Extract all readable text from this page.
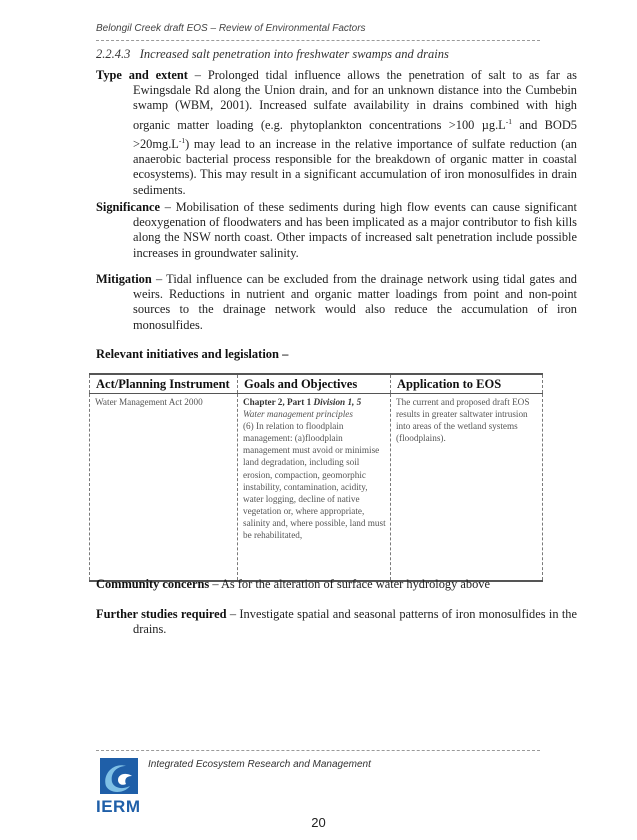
Belongil Creek draft EOS – Review of Environmental Factors
2.2.4.3 Increased salt penetration into freshwater swamps and drains
Type and extent – Prolonged tidal influence allows the penetration of salt to as far as Ewingsdale Rd along the Union drain, and for an unknown distance into the Cumbebin swamp (WBM, 2001). Increased sulfate availability in drains combined with high organic matter loading (e.g. phytoplankton concentrations >100 $\mu g.L^{-1}$ and $BOD5 >20mg.L^{-1}$) may lead to an increase in the relative importance of sulfate reduction (an anaerobic bacterial process responsible for the breakdown of organic matter in coastal ecosystems). This may result in a significant accumulation of iron monosulfides in drain sediments.
Significance – Mobilisation of these sediments during high flow events can cause significant deoxygenation of floodwaters and has been implicated as a major contributor to fish kills along the NSW north coast. Other impacts of increased salt penetration include possible increases in groundwater salinity.
Mitigation – Tidal influence can be excluded from the drainage network using tidal gates and weirs. Reductions in nutrient and organic matter loadings from point and non-point sources to the drainage network would also reduce the accumulation of iron monosulfides.
Relevant initiatives and legislation –
Act/Planning Instrument	Goals and Objectives	Application to EOS
Water Management Act 2000	Chapter 2, Part 1 Division 1, 5
Water management principles
(6) In relation to floodplain management: (a)floodplain management must avoid or minimise land degradation, including soil erosion, compaction, geomorphic instability, contamination, acidity, water logging, decline of native vegetation or, where appropriate, salinity and, where possible, land must be rehabilitated,	The current and proposed draft EOS results in greater saltwater intrusion into areas of the wetland systems (floodplains).
Community concerns – As for the alteration of surface water hydrology above
Further studies required – Investigate spatial and seasonal patterns of iron monosulfides in the drains.
IERM
Integrated Ecosystem Research and Management
20
